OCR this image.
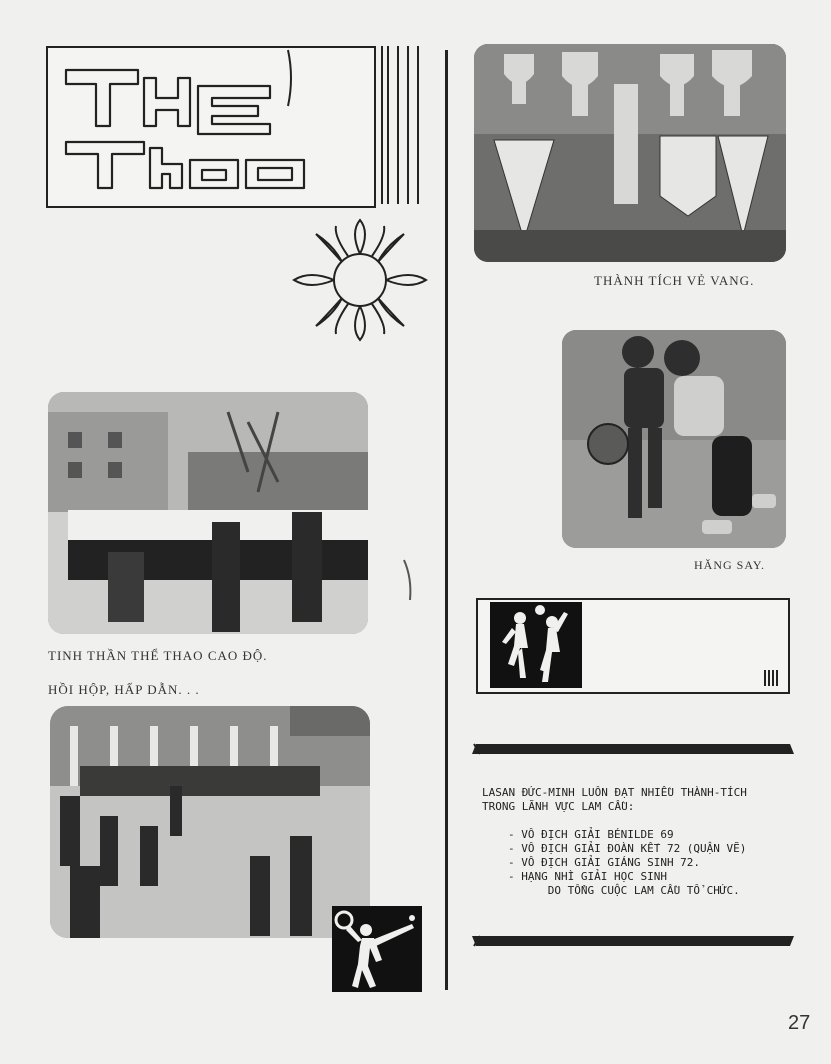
THÀNH TÍCH VẺ VANG.
HĂNG SAY.
LASAN ĐỨC-MINH LUÔN ĐẠT NHIỀU THÀNH-TÍCH
TRONG LÃNH VỰC LAM CẦU:
- VÔ ĐỊCH GIẢI BÉNILDE 69
- VÔ ĐỊCH GIẢI ĐOÀN KẾT 72 (QUẬN VẼ)
- VÔ ĐỊCH GIẢI GIÁNG SINH 72.
- HẠNG NHÌ GIẢI HỌC SINH
DO TỔNG CUỘC LAM CẦU TỔ CHỨC.
TINH THẦN THỂ THAO CAO ĐỘ.
HỒI HỘP, HẤP DẪN. . .
27
